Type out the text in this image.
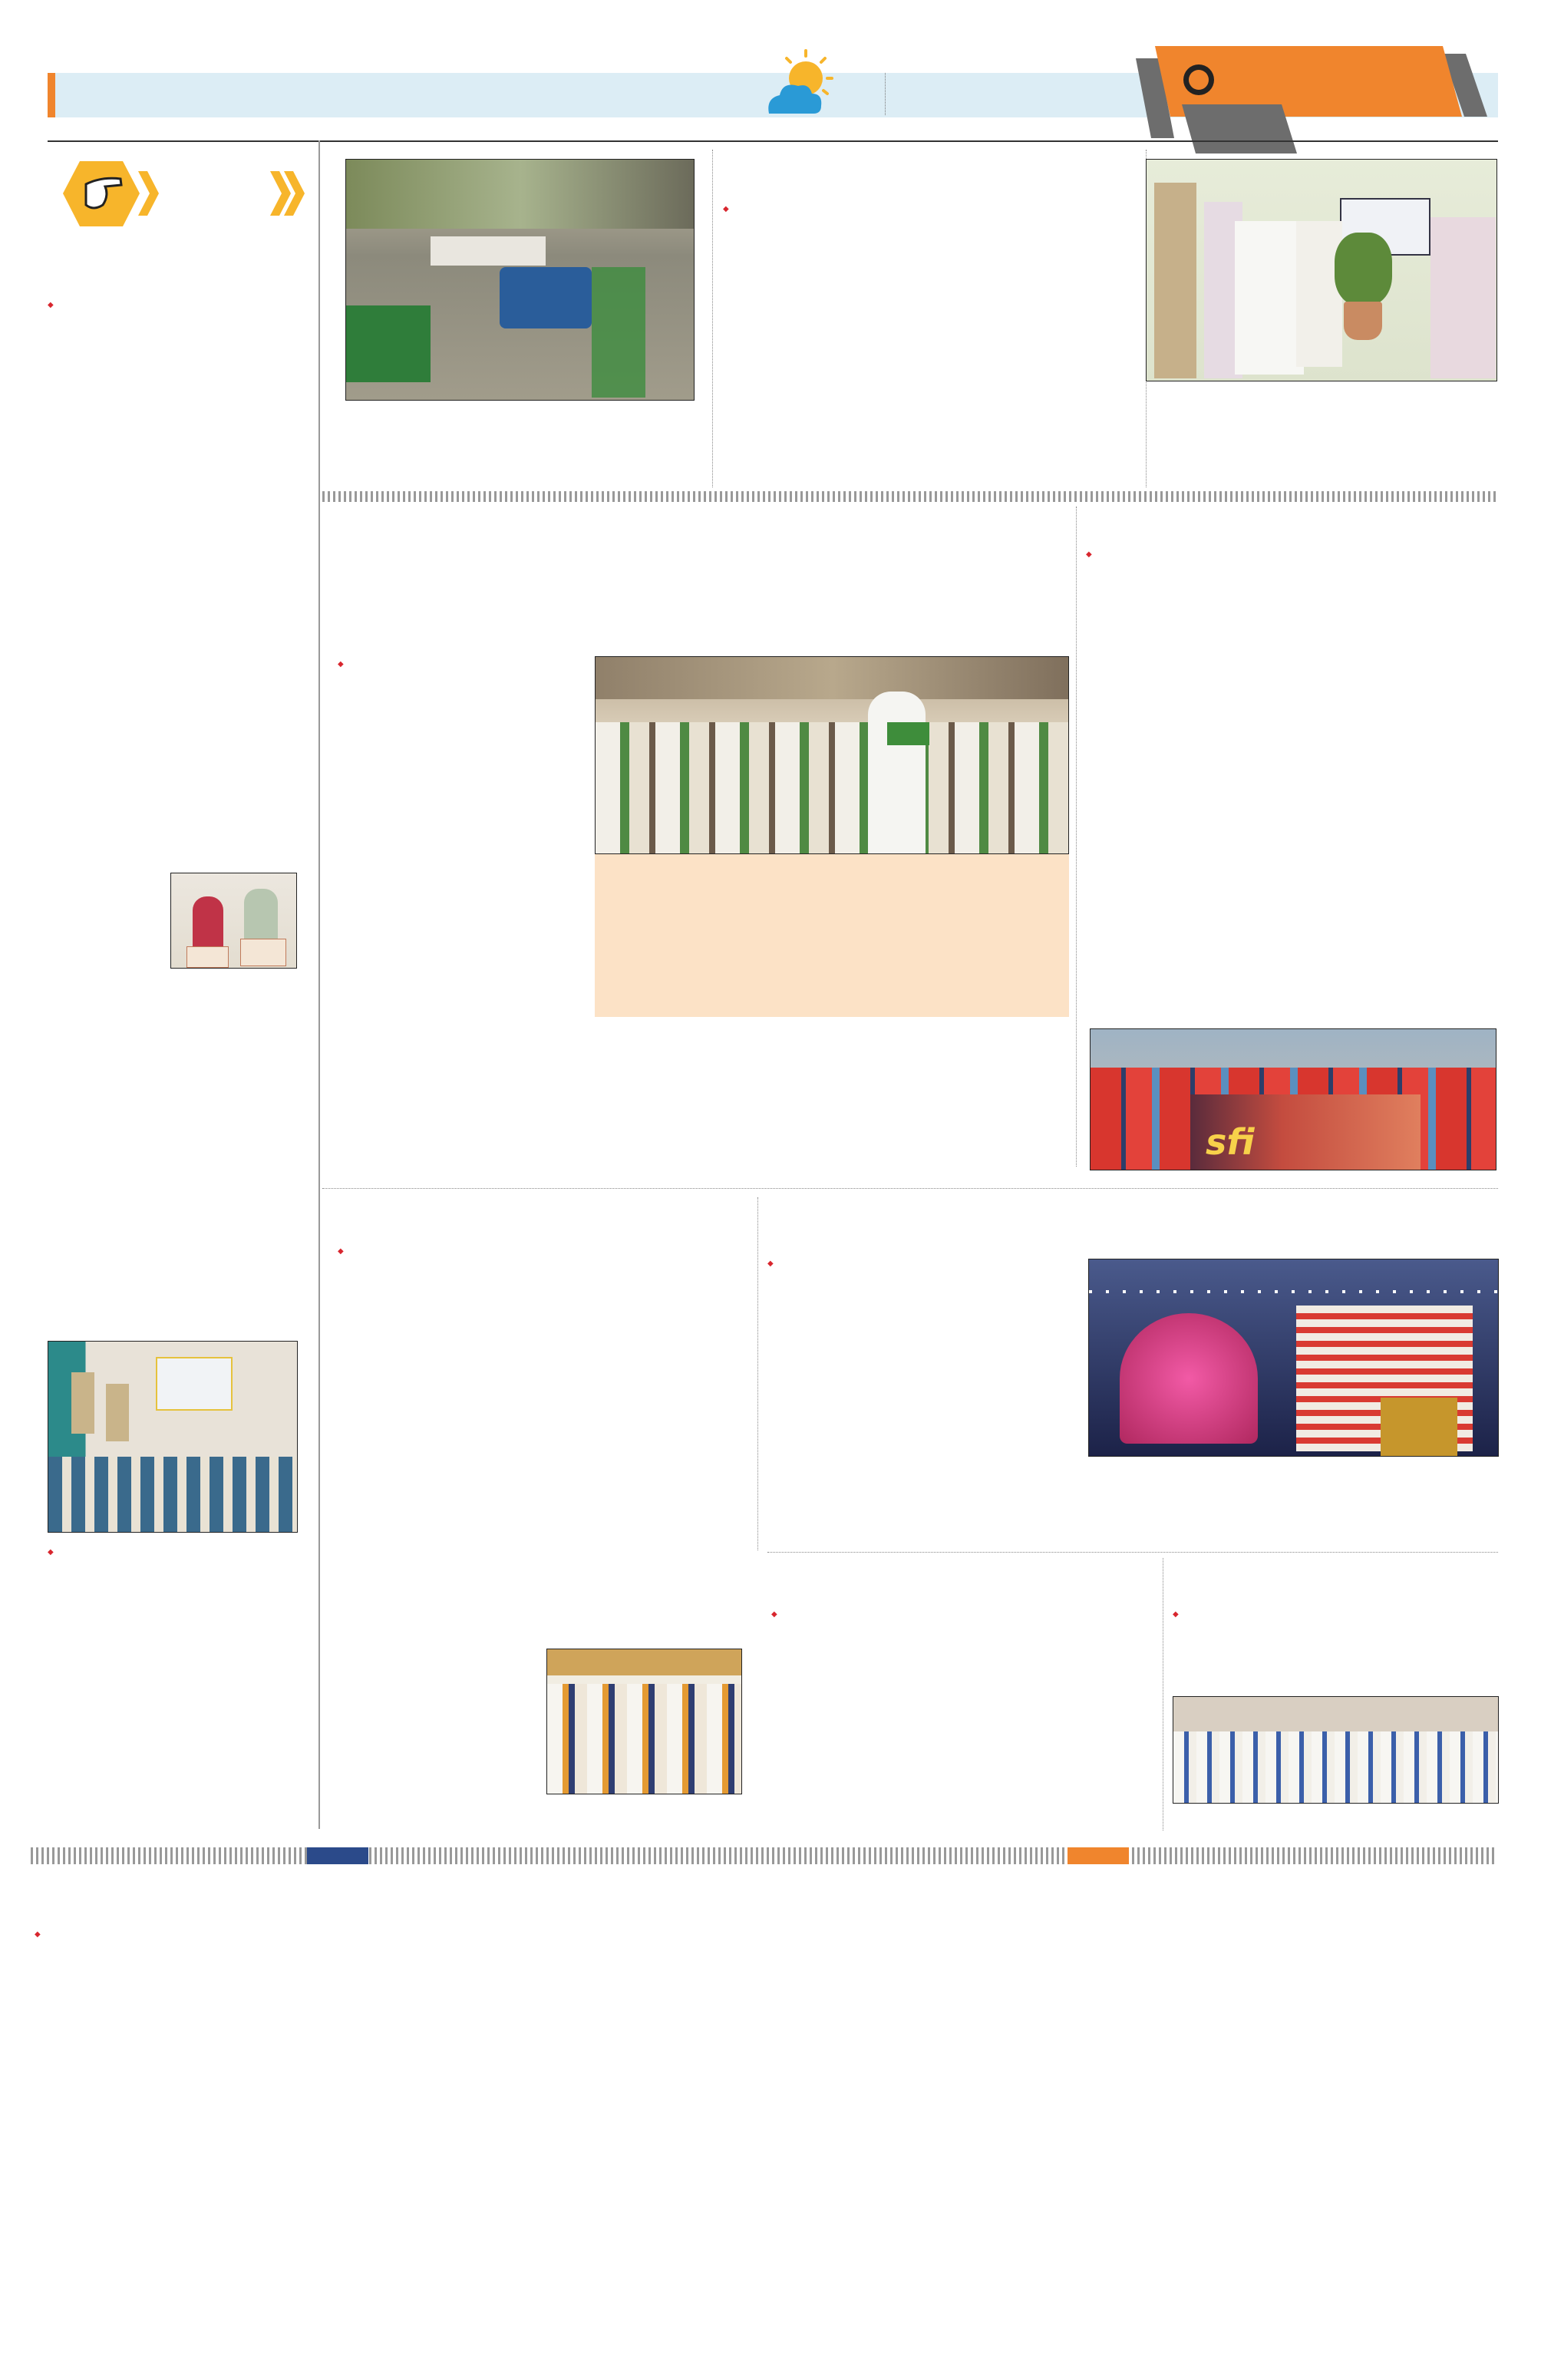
◆
◆
◆
◆

◆
sfi
◆
◆
◆
◆
◆
